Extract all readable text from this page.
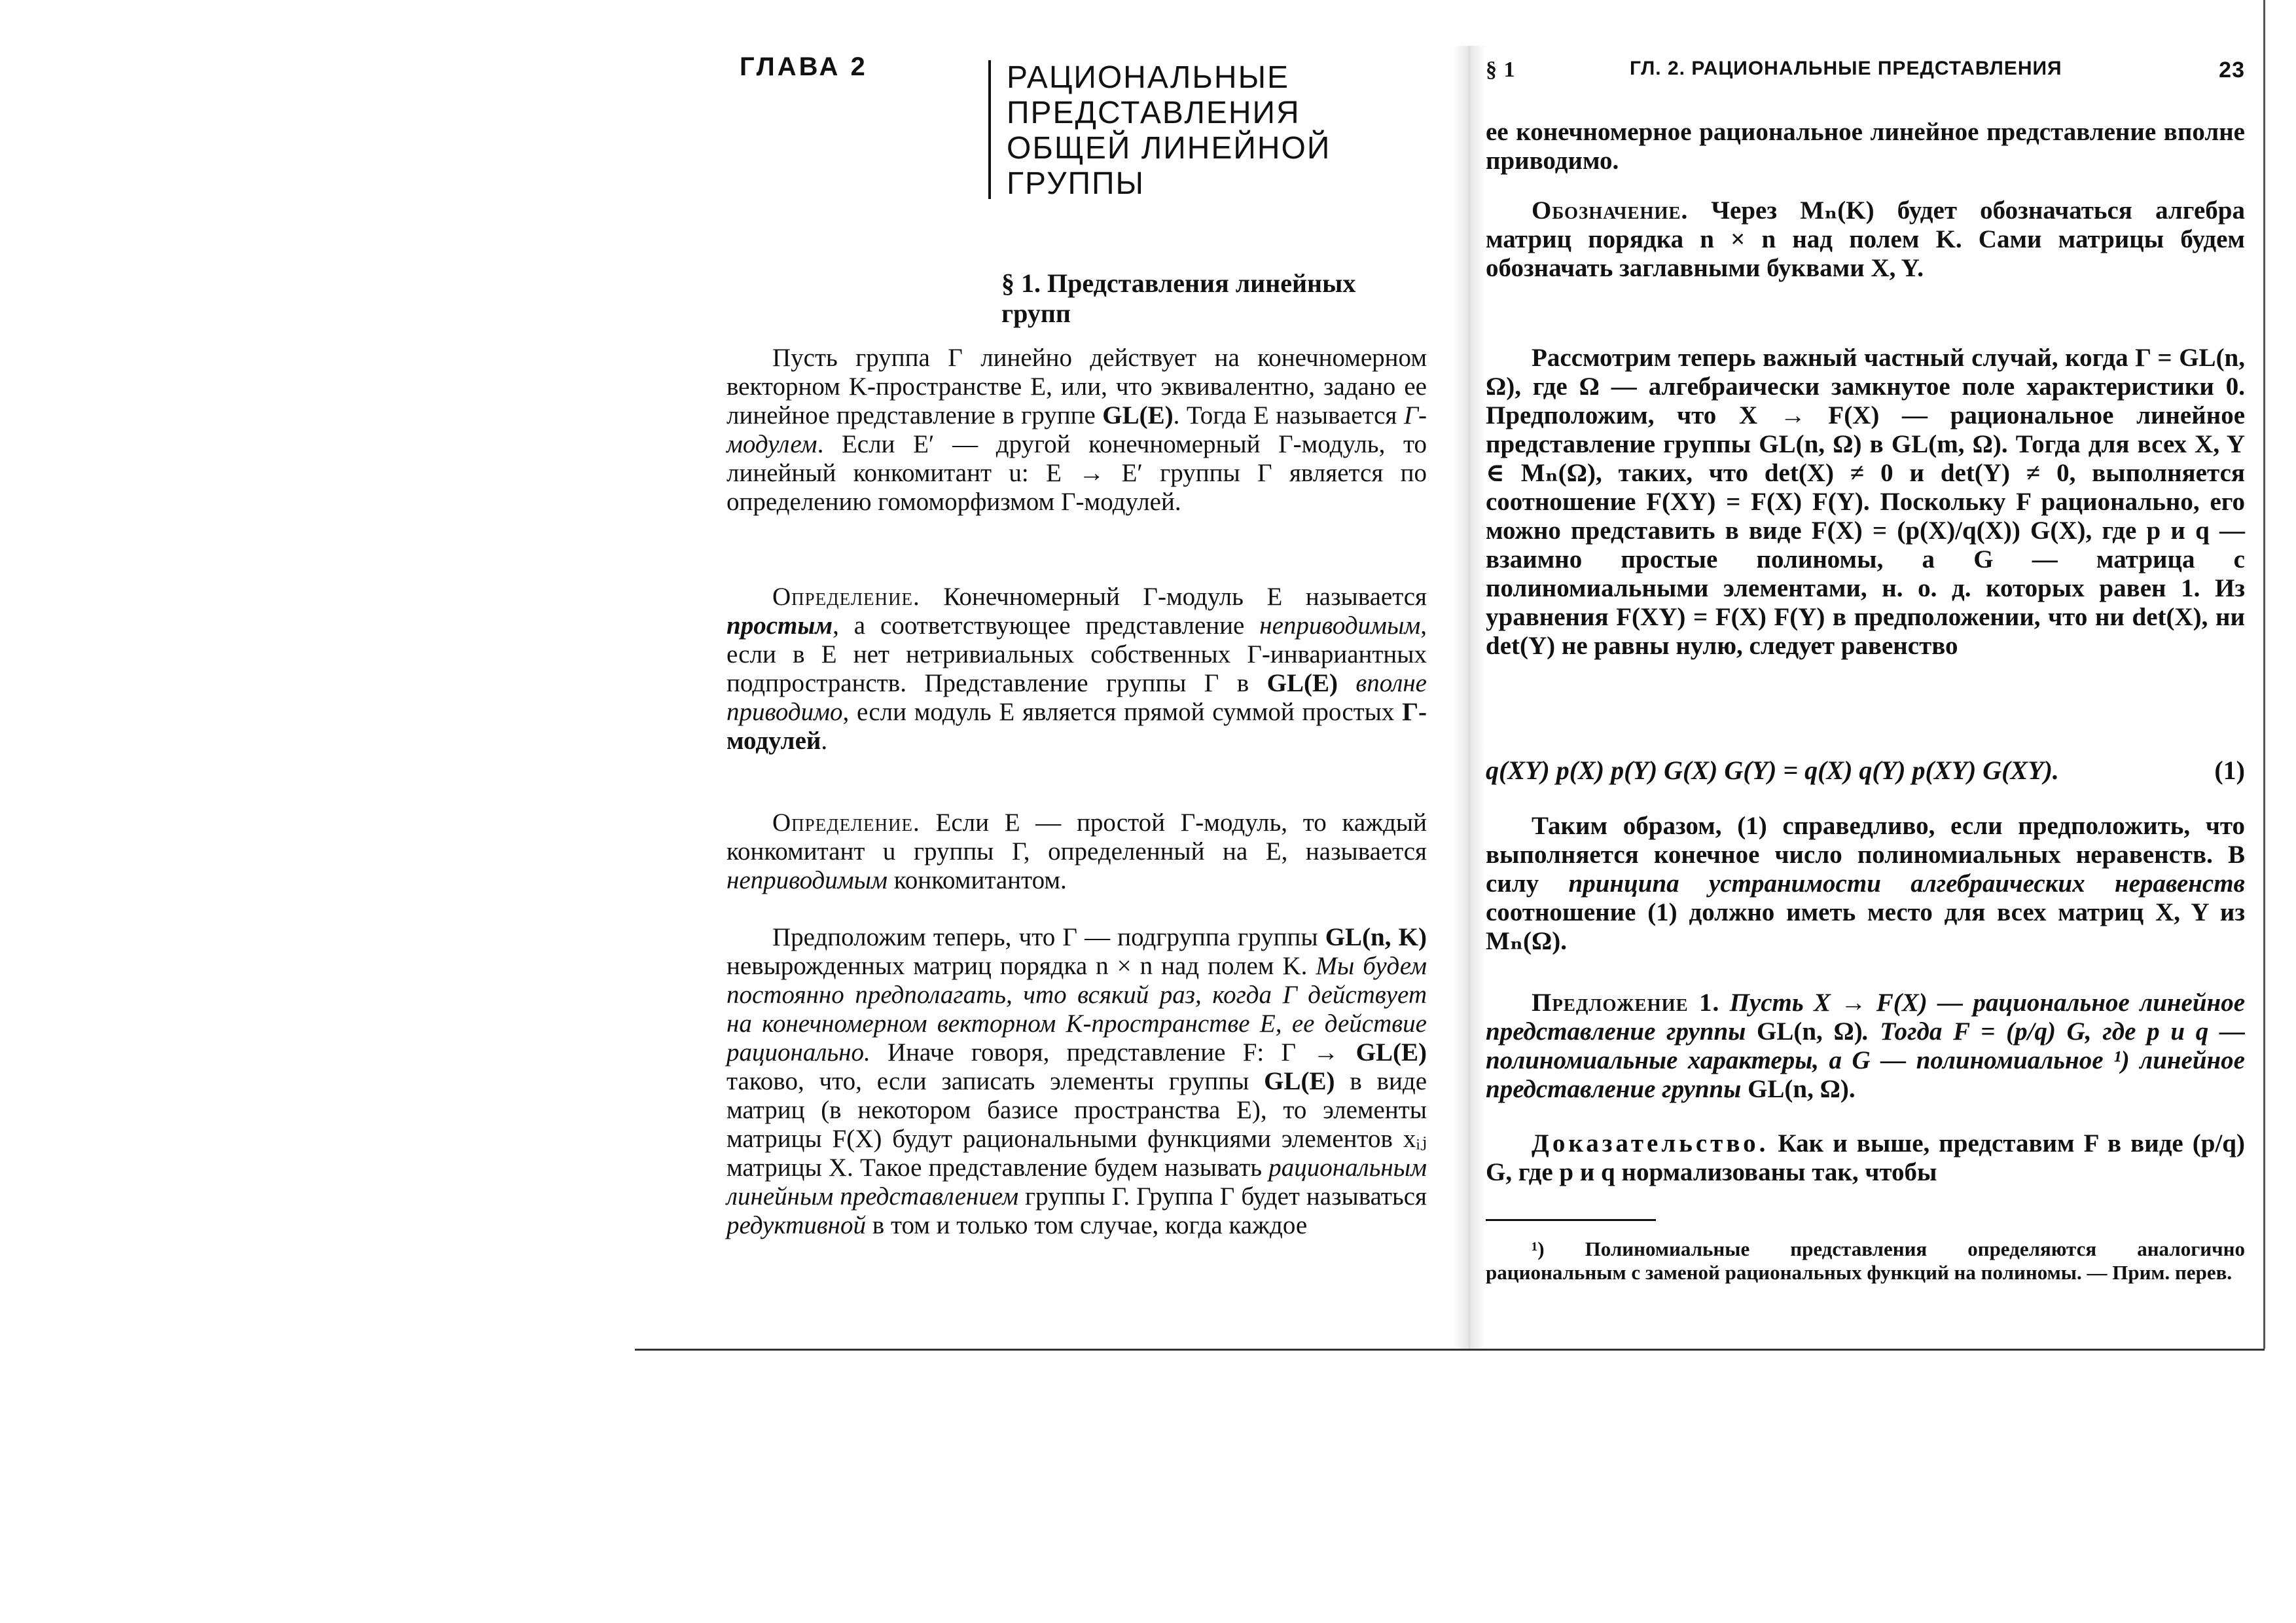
ГЛАВА 2	РАЦИОНАЛЬНЫЕ
ПРЕДСТАВЛЕНИЯ
ОБЩЕЙ ЛИНЕЙНОЙ
ГРУППЫ
§ 1. Представления линейных групп

Пусть группа Γ линейно действует на конечномерном векторном K-пространстве E, или, что эквивалентно, задано ее линейное представление в группе GL(E). Тогда E называется Γ-модулем. Если E′ — другой конечномерный Γ-модуль, то линейный конкомитант u: E → E′ группы Γ является по определению гомоморфизмом Γ-модулей.

Определение. Конечномерный Γ-модуль E называется простым, а соответствующее представление неприводимым, если в E нет нетривиальных собственных Γ-инвариантных подпространств. Представление группы Γ в GL(E) вполне приводимо, если модуль E является прямой суммой простых Γ-модулей.

Определение. Если E — простой Γ-модуль, то каждый конкомитант u группы Γ, определенный на E, называется неприводимым конкомитантом.

Предположим теперь, что Γ — подгруппа группы GL(n, K) невырожденных матриц порядка n × n над полем K. Мы будем постоянно предполагать, что всякий раз, когда Γ действует на конечномерном векторном K-пространстве E, ее действие рационально. Иначе говоря, представление F: Γ → GL(E) таково, что, если записать элементы группы GL(E) в виде матриц (в некотором базисе пространства E), то элементы матрицы F(X) будут рациональными функциями элементов xᵢⱼ матрицы X. Такое представление будем называть рациональным линейным представлением группы Γ. Группа Γ будет называться редуктивной в том и только том случае, когда каждое

§ 1	ГЛ. 2. РАЦИОНАЛЬНЫЕ ПРЕДСТАВЛЕНИЯ	23

ее конечномерное рациональное линейное представление вполне приводимо.

Обозначение. Через Mₙ(K) будет обозначаться алгебра матриц порядка n × n над полем K. Сами матрицы будем обозначать заглавными буквами X, Y.

Рассмотрим теперь важный частный случай, когда Γ = GL(n, Ω), где Ω — алгебраически замкнутое поле характеристики 0. Предположим, что X → F(X) — рациональное линейное представление группы GL(n, Ω) в GL(m, Ω). Тогда для всех X, Y ∈ Mₙ(Ω), таких, что det(X) ≠ 0 и det(Y) ≠ 0, выполняется соотношение F(XY) = F(X) F(Y). Поскольку F рационально, его можно представить в виде F(X) = (p(X)/q(X)) G(X), где p и q — взаимно простые полиномы, а G — матрица с полиномиальными элементами, н. о. д. которых равен 1. Из уравнения F(XY) = F(X) F(Y) в предположении, что ни det(X), ни det(Y) не равны нулю, следует равенство

q(XY) p(X) p(Y) G(X) G(Y) = q(X) q(Y) p(XY) G(XY).	(1)

Таким образом, (1) справедливо, если предположить, что выполняется конечное число полиномиальных неравенств. В силу принципа устранимости алгебраических неравенств соотношение (1) должно иметь место для всех матриц X, Y из Mₙ(Ω).

Предложение 1. Пусть X → F(X) — рациональное линейное представление группы GL(n, Ω). Тогда F = (p/q) G, где p и q — полиномиальные характеры, а G — полиномиальное ¹) линейное представление группы GL(n, Ω).

Доказательство. Как и выше, представим F в виде (p/q) G, где p и q нормализованы так, чтобы

¹) Полиномиальные представления определяются аналогично рациональным с заменой рациональных функций на полиномы. — Прим. перев.
